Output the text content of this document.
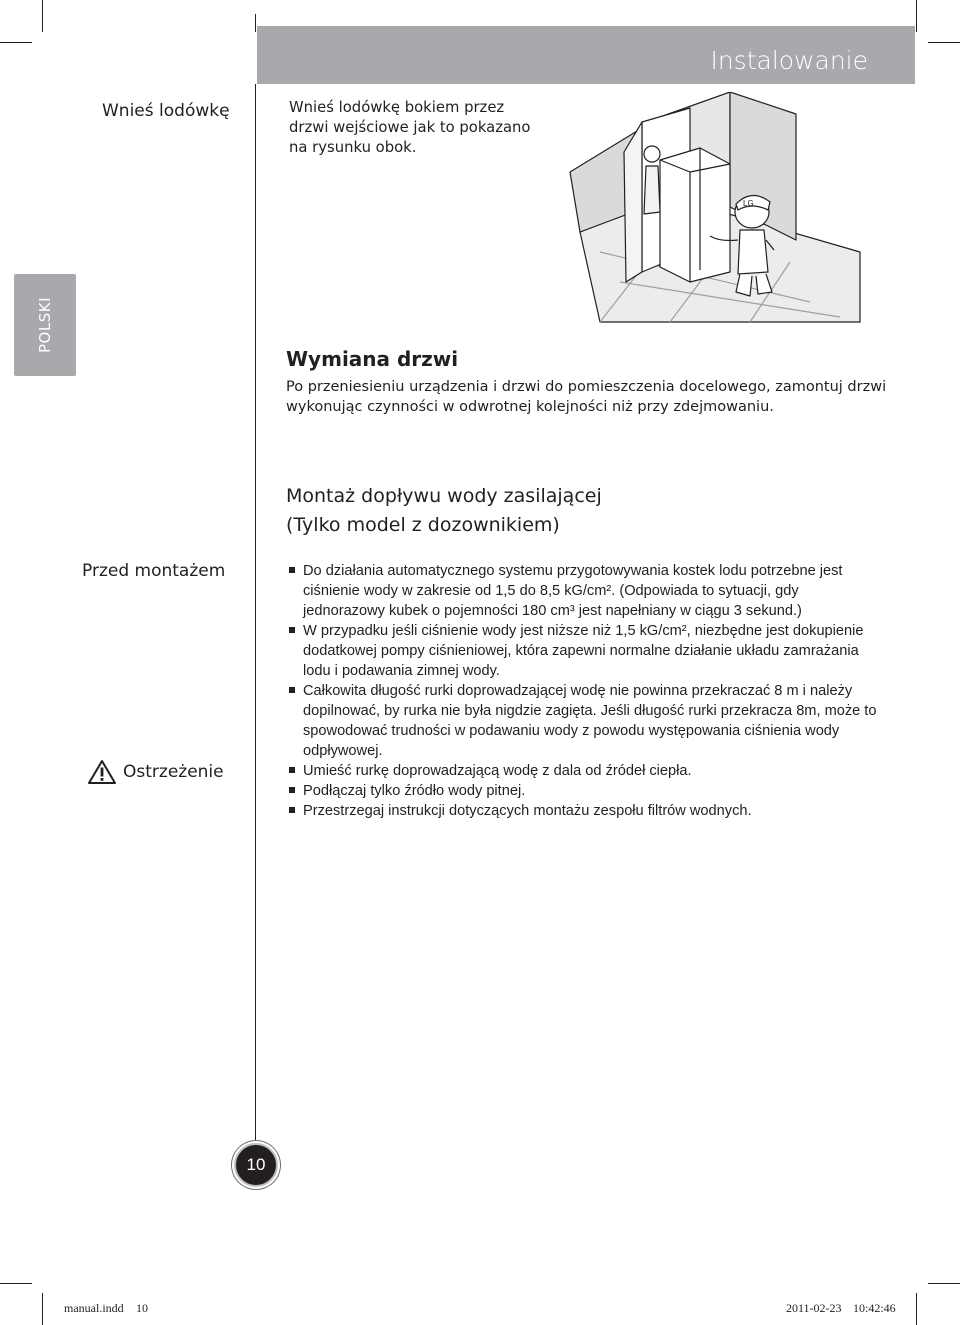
Instalowanie
POLSKI
Wnieś lodówkę	Wnieś lodówkę bokiem przez drzwi wejściowe jak to pokazano na rysunku obok.
LG
Wymiana drzwi
Po przeniesieniu urządzenia i drzwi do pomieszczenia docelowego, zamontuj drzwi wykonując czynności w odwrotnej kolejności niż przy zdejmowaniu.
Montaż dopływu wody zasilającej
(Tylko model z dozownikiem)
Przed montażem
Ostrzeżenie
Do działania automatycznego systemu przygotowywania kostek lodu potrzebne jest ciśnienie wody w zakresie od 1,5 do 8,5 kG/cm². (Odpowiada to sytuacji, gdy jednorazowy kubek o pojemności 180 cm³ jest napełniany w ciągu 3 sekund.)
W przypadku jeśli ciśnienie wody jest niższe niż 1,5 kG/cm², niezbędne jest dokupienie dodatkowej pompy ciśnieniowej, która zapewni normalne działanie układu zamrażania lodu i podawania zimnej wody.
Całkowita długość rurki doprowadzającej wodę nie powinna przekraczać 8 m i należy dopilnować, by rurka nie była nigdzie zagięta. Jeśli długość rurki przekracza 8m, może to spowodować trudności w podawaniu wody z powodu występowania ciśnienia wody odpływowej.
Umieść rurkę doprowadzającą wodę z dala od źródeł ciepła.
Podłączaj tylko źródło wody pitnej.
Przestrzegaj instrukcji dotyczących montażu zespołu filtrów wodnych.
10
manual.indd 10	2011-02-23 10:42:46
